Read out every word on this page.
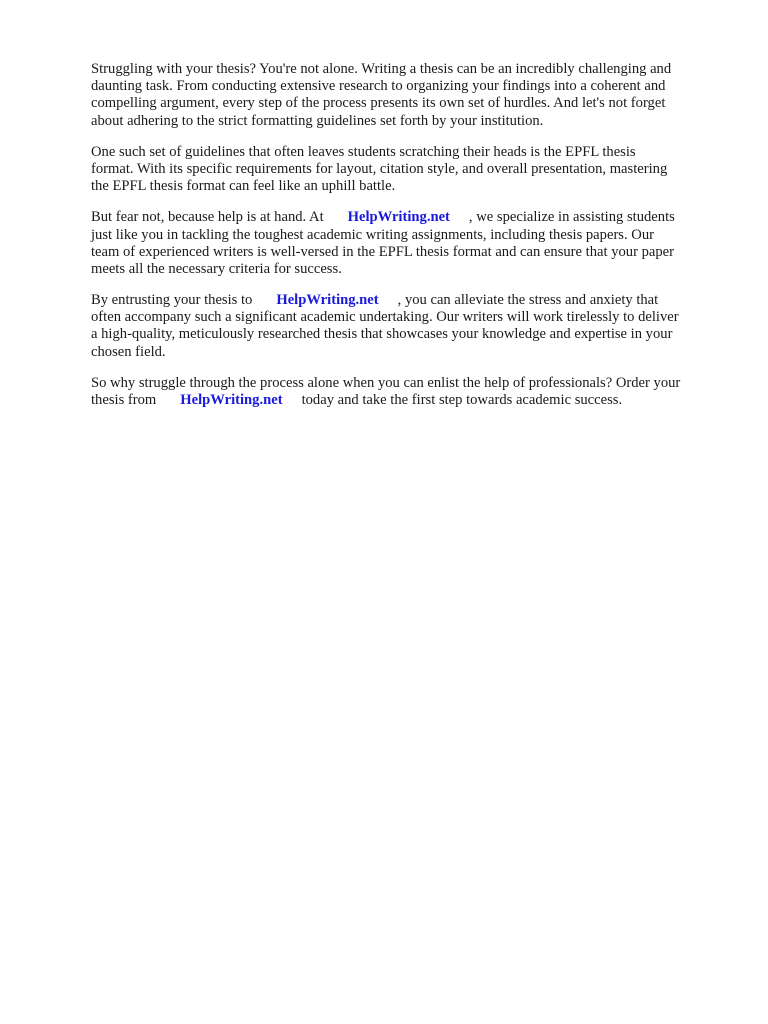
Struggling with your thesis? You're not alone. Writing a thesis can be an incredibly challenging and
daunting task. From conducting extensive research to organizing your findings into a coherent and
compelling argument, every step of the process presents its own set of hurdles. And let's not forget
about adhering to the strict formatting guidelines set forth by your institution.

One such set of guidelines that often leaves students scratching their heads is the EPFL thesis
format. With its specific requirements for layout, citation style, and overall presentation, mastering
the EPFL thesis format can feel like an uphill battle.

But fear not, because help is at hand. At HelpWriting.net , we specialize in assisting students
just like you in tackling the toughest academic writing assignments, including thesis papers. Our
team of experienced writers is well-versed in the EPFL thesis format and can ensure that your paper
meets all the necessary criteria for success.

By entrusting your thesis to HelpWriting.net , you can alleviate the stress and anxiety that
often accompany such a significant academic undertaking. Our writers will work tirelessly to deliver
a high-quality, meticulously researched thesis that showcases your knowledge and expertise in your
chosen field.

So why struggle through the process alone when you can enlist the help of professionals? Order your
thesis from HelpWriting.net today and take the first step towards academic success.
